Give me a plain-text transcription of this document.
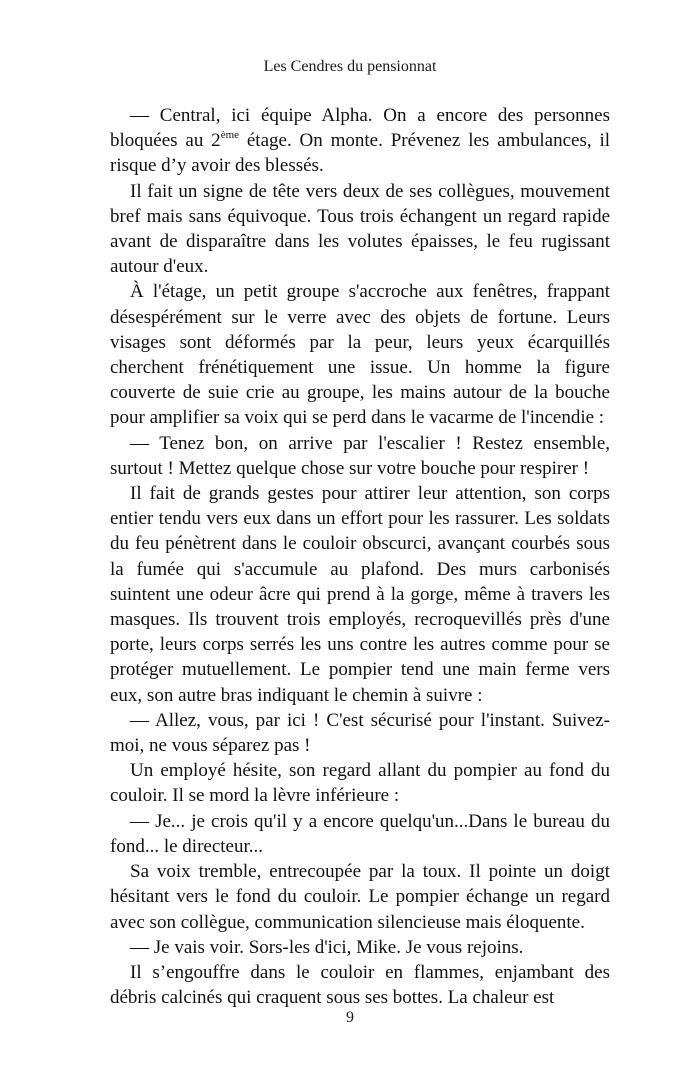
Les Cendres du pensionnat

— Central, ici équipe Alpha. On a encore des personnes bloquées au 2ème étage. On monte. Prévenez les ambulances, il risque d’y avoir des blessés.

Il fait un signe de tête vers deux de ses collègues, mouvement bref mais sans équivoque. Tous trois échangent un regard rapide avant de disparaître dans les volutes épaisses, le feu rugissant autour d'eux.

À l'étage, un petit groupe s'accroche aux fenêtres, frappant désespérément sur le verre avec des objets de fortune. Leurs visages sont déformés par la peur, leurs yeux écarquillés cherchent frénétiquement une issue. Un homme la figure couverte de suie crie au groupe, les mains autour de la bouche pour amplifier sa voix qui se perd dans le vacarme de l'incendie :

— Tenez bon, on arrive par l'escalier ! Restez ensemble, surtout ! Mettez quelque chose sur votre bouche pour respirer !

Il fait de grands gestes pour attirer leur attention, son corps entier tendu vers eux dans un effort pour les rassurer. Les soldats du feu pénètrent dans le couloir obscurci, avançant courbés sous la fumée qui s'accumule au plafond. Des murs carbonisés suintent une odeur âcre qui prend à la gorge, même à travers les masques. Ils trouvent trois employés, recroquevillés près d'une porte, leurs corps serrés les uns contre les autres comme pour se protéger mutuellement. Le pompier tend une main ferme vers eux, son autre bras indiquant le chemin à suivre :

— Allez, vous, par ici ! C'est sécurisé pour l'instant. Suivez-moi, ne vous séparez pas !

Un employé hésite, son regard allant du pompier au fond du couloir. Il se mord la lèvre inférieure :

— Je... je crois qu'il y a encore quelqu'un...Dans le bureau du fond... le directeur...

Sa voix tremble, entrecoupée par la toux. Il pointe un doigt hésitant vers le fond du couloir. Le pompier échange un regard avec son collègue, communication silencieuse mais éloquente.

— Je vais voir. Sors-les d'ici, Mike. Je vous rejoins.

Il s’engouffre dans le couloir en flammes, enjambant des débris calcinés qui craquent sous ses bottes. La chaleur est

9
